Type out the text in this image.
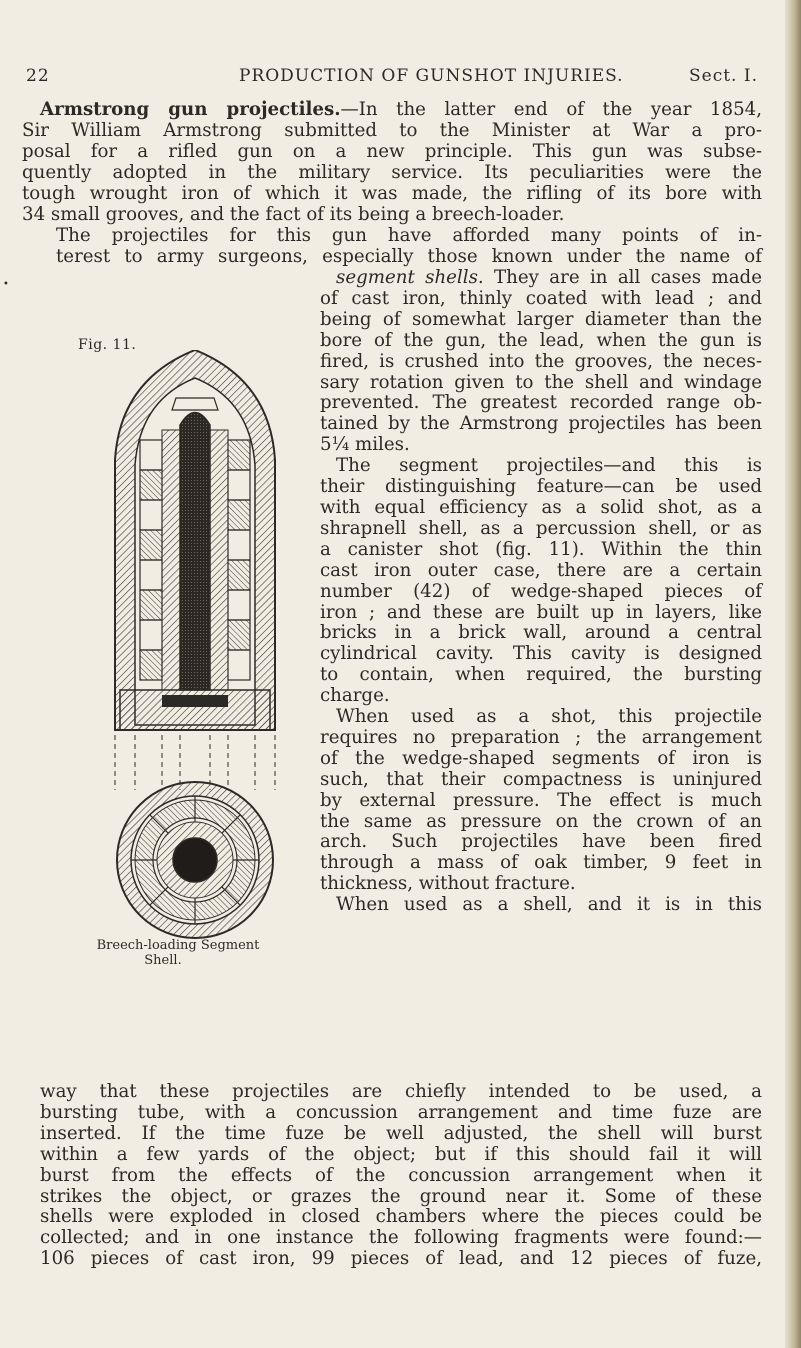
22	PRODUCTION OF GUNSHOT INJURIES.	Sect. I.
Armstrong gun projectiles.—In the latter end of the year 1854,
Sir William Armstrong submitted to the Minister at War a pro-
posal for a rifled gun on a new principle. This gun was subse-
quently adopted in the military service. Its peculiarities were the
tough wrought iron of which it was made, the rifling of its bore with
34 small grooves, and the fact of its being a breech-loader.
The projectiles for this gun have afforded many points of in-
terest to army surgeons, especially those known under the name of
•	segment shells. They are in all cases made
of cast iron, thinly coated with lead ; and
being of somewhat larger diameter than the
bore of the gun, the lead, when the gun is
fired, is crushed into the grooves, the neces-
sary rotation given to the shell and windage
prevented. The greatest recorded range ob-
tained by the Armstrong projectiles has been
5¼ miles.
The segment projectiles—and this is
their distinguishing feature—can be used
with equal efficiency as a solid shot, as a
shrapnell shell, as a percussion shell, or as
a canister shot (fig. 11). Within the thin
cast iron outer case, there are a certain
number (42) of wedge-shaped pieces of
iron ; and these are built up in layers, like
bricks in a brick wall, around a central
cylindrical cavity. This cavity is designed
to contain, when required, the bursting
charge.
When used as a shot, this projectile
requires no preparation ; the arrangement
of the wedge-shaped segments of iron is
such, that their compactness is uninjured
by external pressure. The effect is much
the same as pressure on the crown of an
arch. Such projectiles have been fired
through a mass of oak timber, 9 feet in
thickness, without fracture.
When used as a shell, and it is in this
way that these projectiles are chiefly intended to be used, a
bursting tube, with a concussion arrangement and time fuze are
inserted. If the time fuze be well adjusted, the shell will burst
within a few yards of the object; but if this should fail it will
burst from the effects of the concussion arrangement when it
strikes the object, or grazes the ground near it. Some of these
shells were exploded in closed chambers where the pieces could be
collected; and in one instance the following fragments were found:—
106 pieces of cast iron, 99 pieces of lead, and 12 pieces of fuze,
Fig. 11.
Breech-loading Segment
Shell.
